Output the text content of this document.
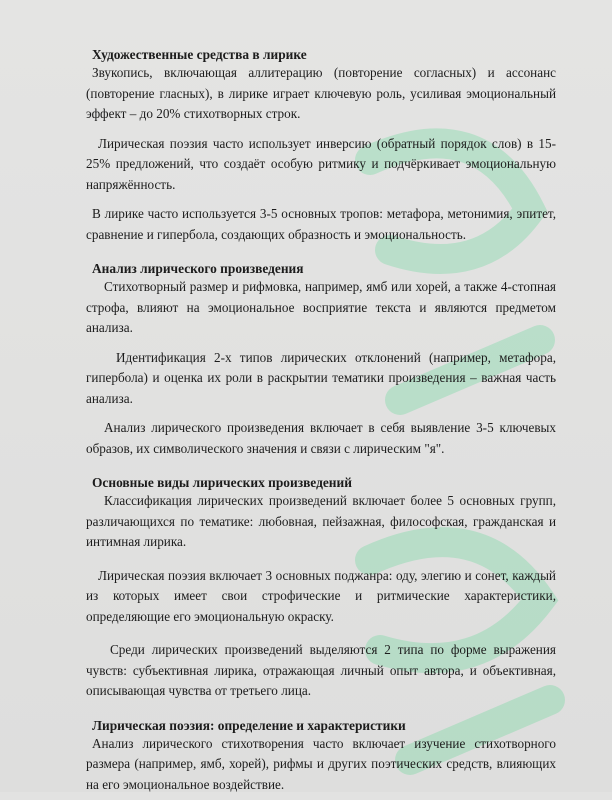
Художественные средства в лирике

Звукопись, включающая аллитерацию (повторение согласных) и ассонанс (повторение гласных), в лирике играет ключевую роль, усиливая эмоциональный эффект – до 20% стихотворных строк.

Лирическая поэзия часто использует инверсию (обратный порядок слов) в 15-25% предложений, что создаёт особую ритмику и подчёркивает эмоциональную напряжённость.

В лирике часто используется 3-5 основных тропов: метафора, метонимия, эпитет, сравнение и гипербола, создающих образность и эмоциональность.

Анализ лирического произведения

Стихотворный размер и рифмовка, например, ямб или хорей, а также 4-стопная строфа, влияют на эмоциональное восприятие текста и являются предметом анализа.

Идентификация 2-х типов лирических отклонений (например, метафора, гипербола) и оценка их роли в раскрытии тематики произведения – важная часть анализа.

Анализ лирического произведения включает в себя выявление 3-5 ключевых образов, их символического значения и связи с лирическим "я".

Основные виды лирических произведений

Классификация лирических произведений включает более 5 основных групп, различающихся по тематике: любовная, пейзажная, философская, гражданская и интимная лирика.

Лирическая поэзия включает 3 основных поджанра: оду, элегию и сонет, каждый из которых имеет свои строфические и ритмические характеристики, определяющие его эмоциональную окраску.

Среди лирических произведений выделяются 2 типа по форме выражения чувств: субъективная лирика, отражающая личный опыт автора, и объективная, описывающая чувства от третьего лица.

Лирическая поэзия: определение и характеристики

Анализ лирического стихотворения часто включает изучение стихотворного размера (например, ямб, хорей), рифмы и других поэтических средств, влияющих на его эмоциональное воздействие.
